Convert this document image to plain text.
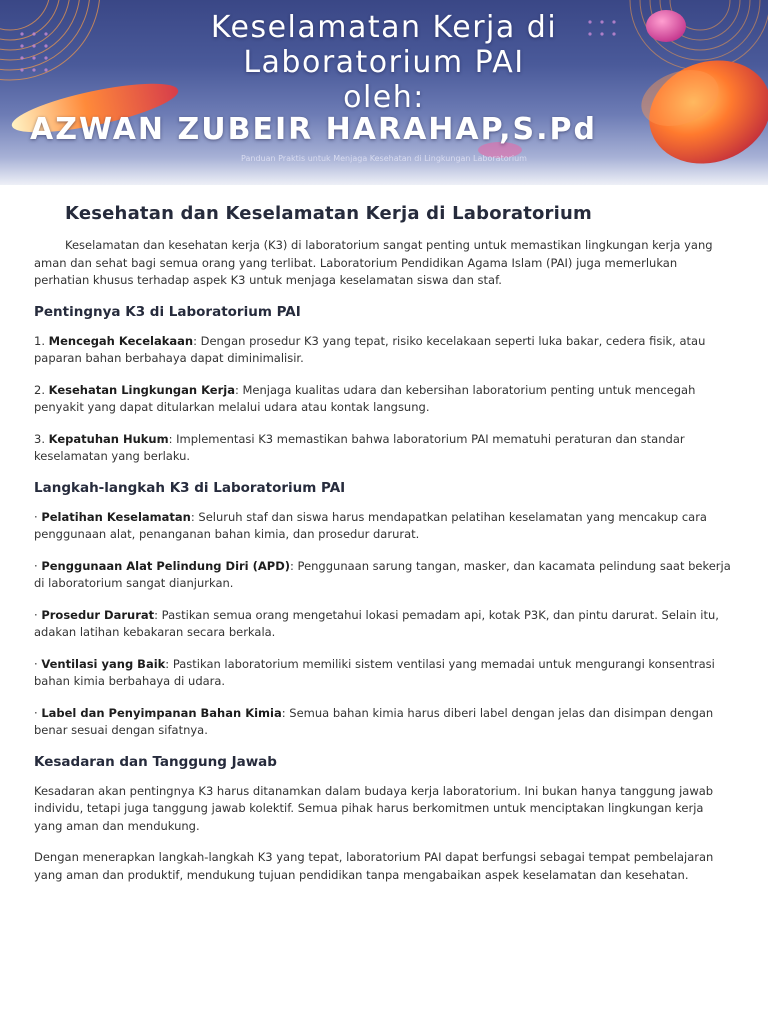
Keselamatan Kerja di
Laboratorium PAI
oleh:
AZWAN ZUBEIR HARAHAP,S.Pd
Panduan Praktis untuk Menjaga Kesehatan di Lingkungan Laboratorium
Kesehatan dan Keselamatan Kerja di Laboratorium

Keselamatan dan kesehatan kerja (K3) di laboratorium sangat penting untuk memastikan lingkungan kerja yang aman dan sehat bagi semua orang yang terlibat. Laboratorium Pendidikan Agama Islam (PAI) juga memerlukan perhatian khusus terhadap aspek K3 untuk menjaga keselamatan siswa dan staf.

Pentingnya K3 di Laboratorium PAI

1. Mencegah Kecelakaan: Dengan prosedur K3 yang tepat, risiko kecelakaan seperti luka bakar, cedera fisik, atau paparan bahan berbahaya dapat diminimalisir.

2. Kesehatan Lingkungan Kerja: Menjaga kualitas udara dan kebersihan laboratorium penting untuk mencegah penyakit yang dapat ditularkan melalui udara atau kontak langsung.

3. Kepatuhan Hukum: Implementasi K3 memastikan bahwa laboratorium PAI mematuhi peraturan dan standar keselamatan yang berlaku.

Langkah-langkah K3 di Laboratorium PAI

· Pelatihan Keselamatan: Seluruh staf dan siswa harus mendapatkan pelatihan keselamatan yang mencakup cara penggunaan alat, penanganan bahan kimia, dan prosedur darurat.

· Penggunaan Alat Pelindung Diri (APD): Penggunaan sarung tangan, masker, dan kacamata pelindung saat bekerja di laboratorium sangat dianjurkan.

· Prosedur Darurat: Pastikan semua orang mengetahui lokasi pemadam api, kotak P3K, dan pintu darurat. Selain itu, adakan latihan kebakaran secara berkala.

· Ventilasi yang Baik: Pastikan laboratorium memiliki sistem ventilasi yang memadai untuk mengurangi konsentrasi bahan kimia berbahaya di udara.

· Label dan Penyimpanan Bahan Kimia: Semua bahan kimia harus diberi label dengan jelas dan disimpan dengan benar sesuai dengan sifatnya.

Kesadaran dan Tanggung Jawab

Kesadaran akan pentingnya K3 harus ditanamkan dalam budaya kerja laboratorium. Ini bukan hanya tanggung jawab individu, tetapi juga tanggung jawab kolektif. Semua pihak harus berkomitmen untuk menciptakan lingkungan kerja yang aman dan mendukung.

Dengan menerapkan langkah-langkah K3 yang tepat, laboratorium PAI dapat berfungsi sebagai tempat pembelajaran yang aman dan produktif, mendukung tujuan pendidikan tanpa mengabaikan aspek keselamatan dan kesehatan.
